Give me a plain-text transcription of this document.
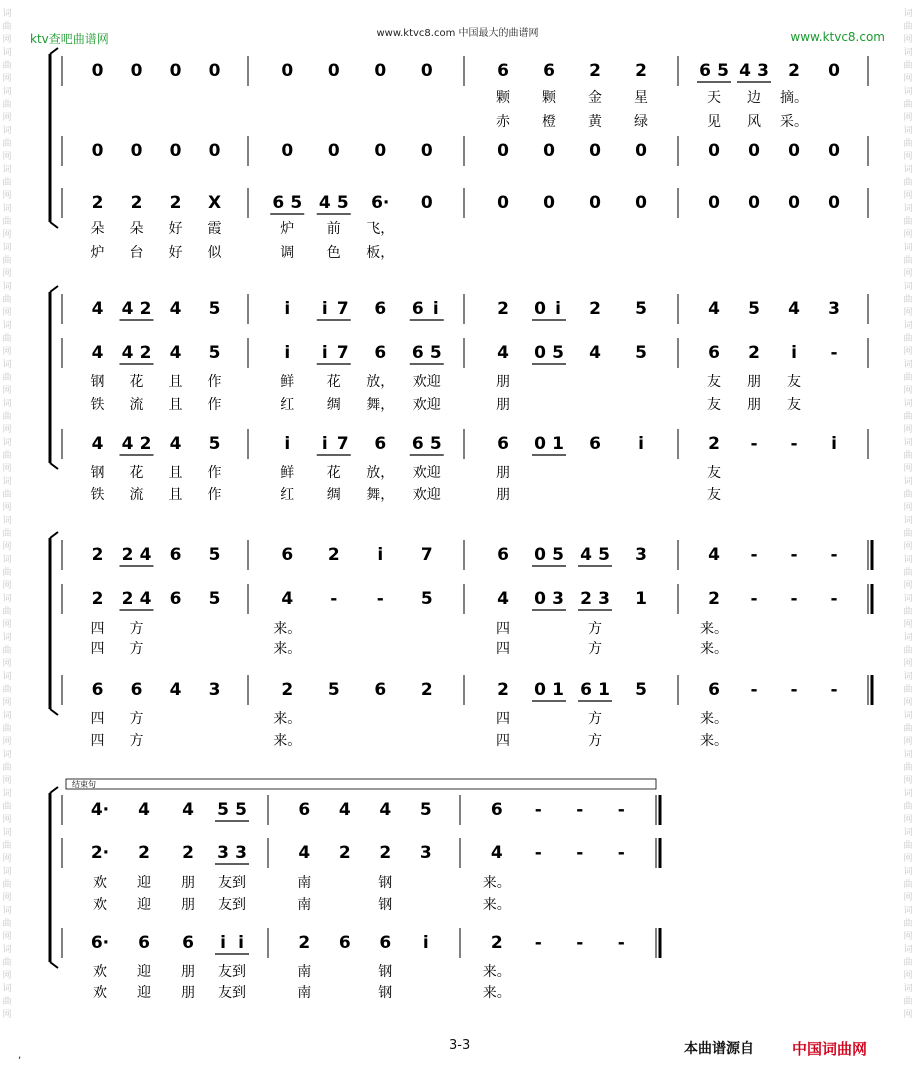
ktv查吧曲谱网	www.ktvc8.com 中国最大的曲谱网	www.ktvc8.com
词
曲
网
词
曲
网
词
曲
网
词
曲
网
词
曲
网
词
曲
网
词
曲
网
词
曲
网
词
曲
网
词
曲
网
词
曲
网
词
曲
网
词
曲
网
词
曲
网
词
曲
网
词
曲
网
词
曲
网
词
曲
网
词
曲
网
词
曲
网
词
曲
网
词
曲
网
词
曲
网
词
曲
网
词
曲
网
词
曲
网
词
曲
网
词
曲
网
词
曲
网
词
曲
网
词
曲
网
词
曲
网
词
曲
网
词
曲
网
词
曲
网
词
曲
网
词
曲
网
词
曲
网
词
曲
网
词
曲
网
词
曲
网
词
曲
网
词
曲
网
词
曲
网
词
曲
网
词
曲
网
词
曲
网
词
曲
网
词
曲
网
词
曲
网
词
曲
网
词
曲
网
0 0 0 0	0 0 0 0	6 6 2 2	6 5 4 3 2 0
颗 颗 金 星	天 边 摘。
赤 橙 黄 绿	见 风 采。
0 0 0 0	0 0 0 0	0 0 0 0	0 0 0 0
2 2 2 X	6 5 4 5 6· 0	0 0 0 0	0 0 0 0
朵 朵 好 霞	炉 前 飞，
炉 台 好 似	调 色 板，
4 4 2 4 5	i i 7 6 6 i	2 0 i 2 5	4 5 4 3
4 4 2 4 5	i i 7 6 6 5	4 0 5 4 5	6 2 i -
钢 花 且 作	鲜 花 放， 欢迎	朋	友 朋 友
铁 流 且 作	红 绸 舞， 欢迎	朋	友 朋 友
4 4 2 4 5	i i 7 6 6 5	6 0 1 6 i	2 - - i
钢 花 且 作	鲜 花 放， 欢迎	朋	友
铁 流 且 作	红 绸 舞， 欢迎	朋	友
2 2 4 6 5	6 2 i 7	6 0 5 4 5 3	4 - - -
2 2 4 6 5	4 - - 5	4 0 3 2 3 1	2 - - -
四 方	来。	四	方	来。
四 方	来。	四	方	来。
6 6 4 3	2 5 6 2	2 0 1 6 1 5	6 - - -
四 方	来。	四	方	来。
四 方	来。	四	方	来。
结束句
4· 4 4 5 5	6 4 4 5	6 - - -
2· 2 2 3 3	4 2 2 3	4 - - -
欢 迎 朋 友到	南	钢	来。
欢 迎 朋 友到	南	钢	来。
6· 6 6 i i	2 6 6 i	2 - - -
欢 迎 朋 友到	南	钢	来。
欢 迎 朋 友到	南	钢	来。
3-3	本曲谱源自	中国词曲网
,
